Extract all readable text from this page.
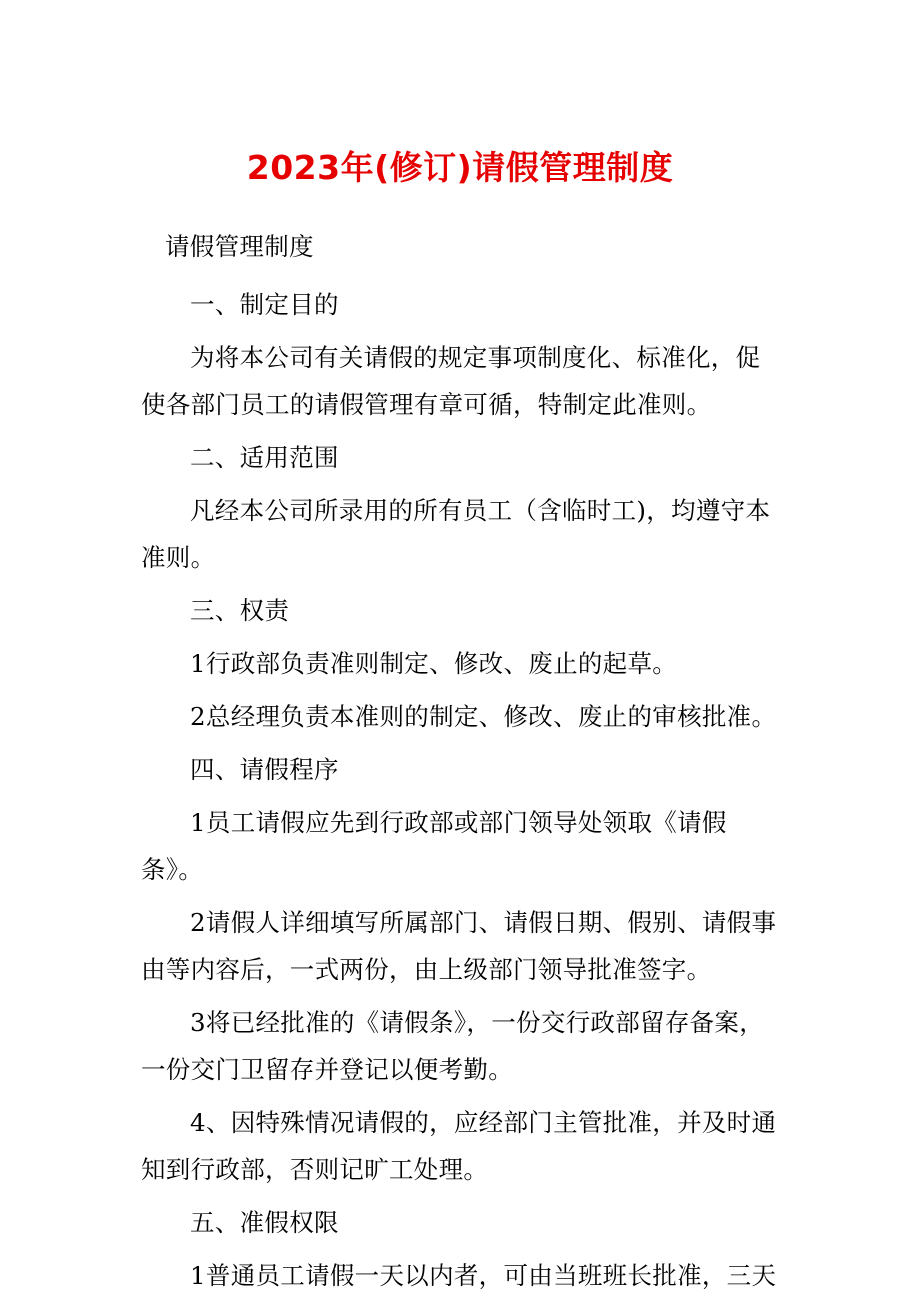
2023年(修订)请假管理制度

请假管理制度

一、制定目的

为将本公司有关请假的规定事项制度化、标准化，促使各部门员工的请假管理有章可循，特制定此准则。

二、适用范围

凡经本公司所录用的所有员工（含临时工)，均遵守本准则。

三、权责

1行政部负责准则制定、修改、废止的起草。

2总经理负责本准则的制定、修改、废止的审核批准。

四、请假程序

1员工请假应先到行政部或部门领导处领取《请假条》。

2请假人详细填写所属部门、请假日期、假别、请假事由等内容后，一式两份，由上级部门领导批准签字。

3将已经批准的《请假条》，一份交行政部留存备案，一份交门卫留存并登记以便考勤。

4、因特殊情况请假的，应经部门主管批准，并及时通知到行政部，否则记旷工处理。

五、准假权限

1普通员工请假一天以内者，可由当班班长批准，三天
